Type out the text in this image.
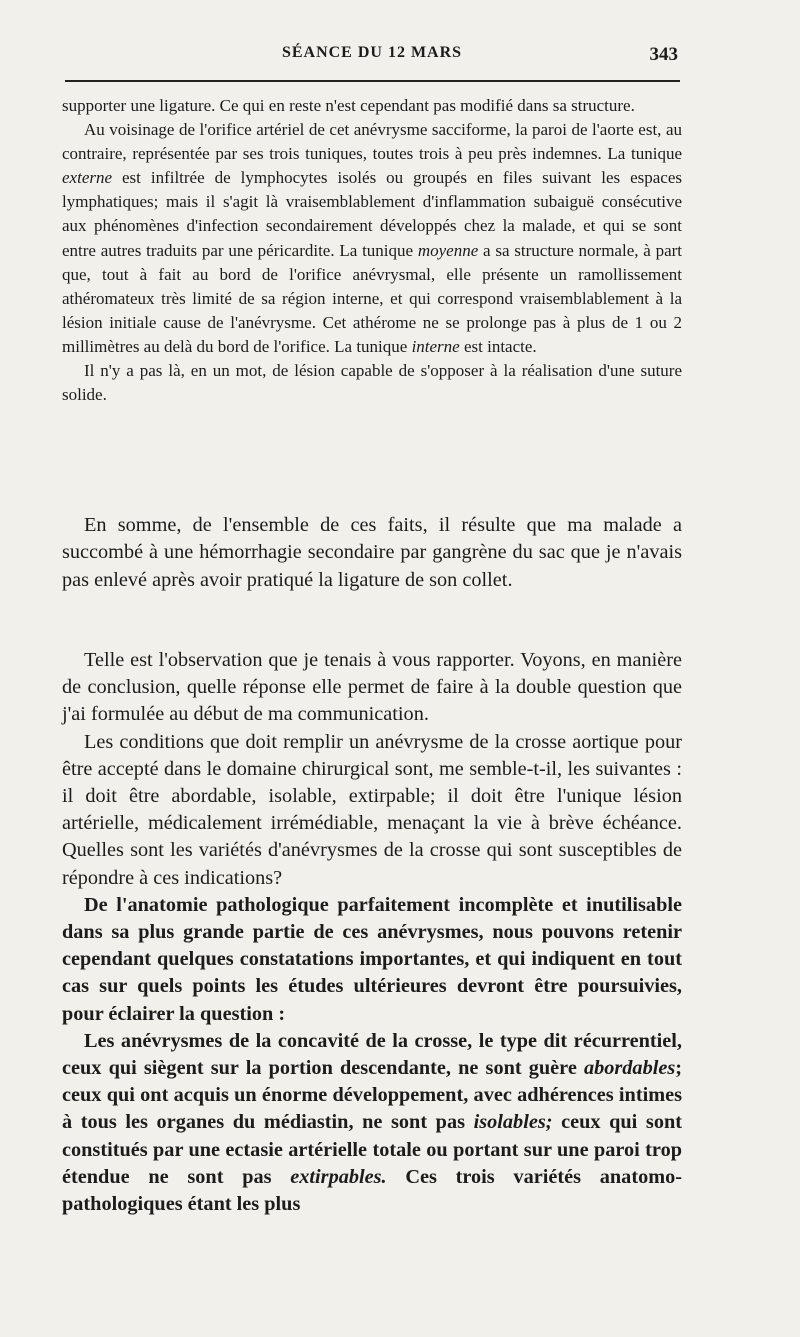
SÉANCE DU 12 MARS	343

supporter une ligature. Ce qui en reste n'est cependant pas modifié dans sa structure.

Au voisinage de l'orifice artériel de cet anévrysme sacciforme, la paroi de l'aorte est, au contraire, représentée par ses trois tuniques, toutes trois à peu près indemnes. La tunique externe est infiltrée de lymphocytes isolés ou groupés en files suivant les espaces lymphatiques; mais il s'agit là vraisemblablement d'inflammation subaiguë consécutive aux phénomènes d'infection secondairement développés chez la malade, et qui se sont entre autres traduits par une péricardite. La tunique moyenne a sa structure normale, à part que, tout à fait au bord de l'orifice anévrysmal, elle présente un ramollissement athéromateux très limité de sa région interne, et qui correspond vraisemblablement à la lésion initiale cause de l'anévrysme. Cet athérome ne se prolonge pas à plus de 1 ou 2 millimètres au delà du bord de l'orifice. La tunique interne est intacte.

Il n'y a pas là, en un mot, de lésion capable de s'opposer à la réalisation d'une suture solide.

En somme, de l'ensemble de ces faits, il résulte que ma malade a succombé à une hémorrhagie secondaire par gangrène du sac que je n'avais pas enlevé après avoir pratiqué la ligature de son collet.

Telle est l'observation que je tenais à vous rapporter. Voyons, en manière de conclusion, quelle réponse elle permet de faire à la double question que j'ai formulée au début de ma communication.

Les conditions que doit remplir un anévrysme de la crosse aortique pour être accepté dans le domaine chirurgical sont, me semble-t-il, les suivantes : il doit être abordable, isolable, extirpable; il doit être l'unique lésion artérielle, médicalement irrémédiable, menaçant la vie à brève échéance. Quelles sont les variétés d'anévrysmes de la crosse qui sont susceptibles de répondre à ces indications?

De l'anatomie pathologique parfaitement incomplète et inutilisable dans sa plus grande partie de ces anévrysmes, nous pouvons retenir cependant quelques constatations importantes, et qui indiquent en tout cas sur quels points les études ultérieures devront être poursuivies, pour éclairer la question :

Les anévrysmes de la concavité de la crosse, le type dit récurrentiel, ceux qui siègent sur la portion descendante, ne sont guère abordables; ceux qui ont acquis un énorme développement, avec adhérences intimes à tous les organes du médiastin, ne sont pas isolables; ceux qui sont constitués par une ectasie artérielle totale ou portant sur une paroi trop étendue ne sont pas extirpables. Ces trois variétés anatomo-pathologiques étant les plus
